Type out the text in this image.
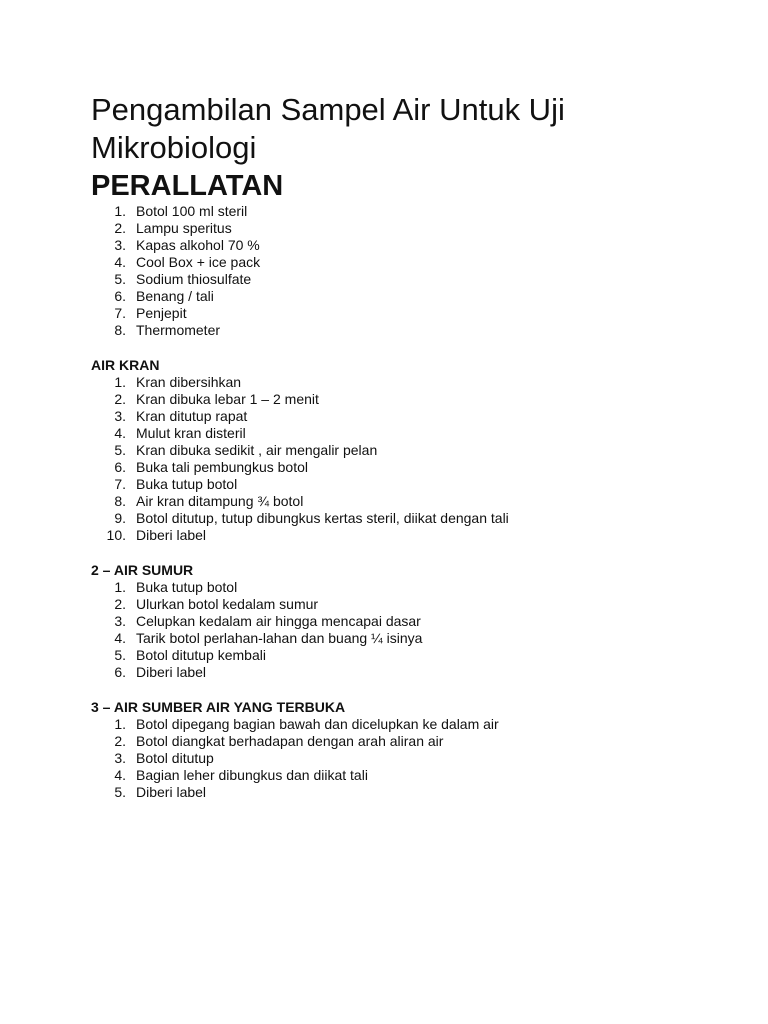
Pengambilan Sampel Air Untuk Uji Mikrobiologi
PERALLATAN
1. Botol 100 ml steril
2. Lampu speritus
3. Kapas alkohol 70 %
4. Cool Box + ice pack
5. Sodium thiosulfate
6. Benang / tali
7. Penjepit
8. Thermometer
AIR KRAN
1. Kran dibersihkan
2. Kran dibuka lebar 1 – 2 menit
3. Kran ditutup rapat
4. Mulut kran disteril
5. Kran dibuka sedikit , air mengalir pelan
6. Buka tali pembungkus botol
7. Buka tutup botol
8. Air kran ditampung ¾ botol
9. Botol ditutup, tutup dibungkus kertas steril, diikat dengan tali
10. Diberi label
2 – AIR SUMUR
1. Buka tutup botol
2. Ulurkan botol kedalam sumur
3. Celupkan kedalam air hingga mencapai dasar
4. Tarik botol perlahan-lahan dan buang ¼ isinya
5. Botol ditutup kembali
6. Diberi label
3 – AIR SUMBER AIR YANG TERBUKA
1. Botol dipegang bagian bawah dan dicelupkan ke dalam air
2. Botol diangkat berhadapan dengan arah aliran air
3. Botol ditutup
4. Bagian leher dibungkus dan diikat tali
5. Diberi label
